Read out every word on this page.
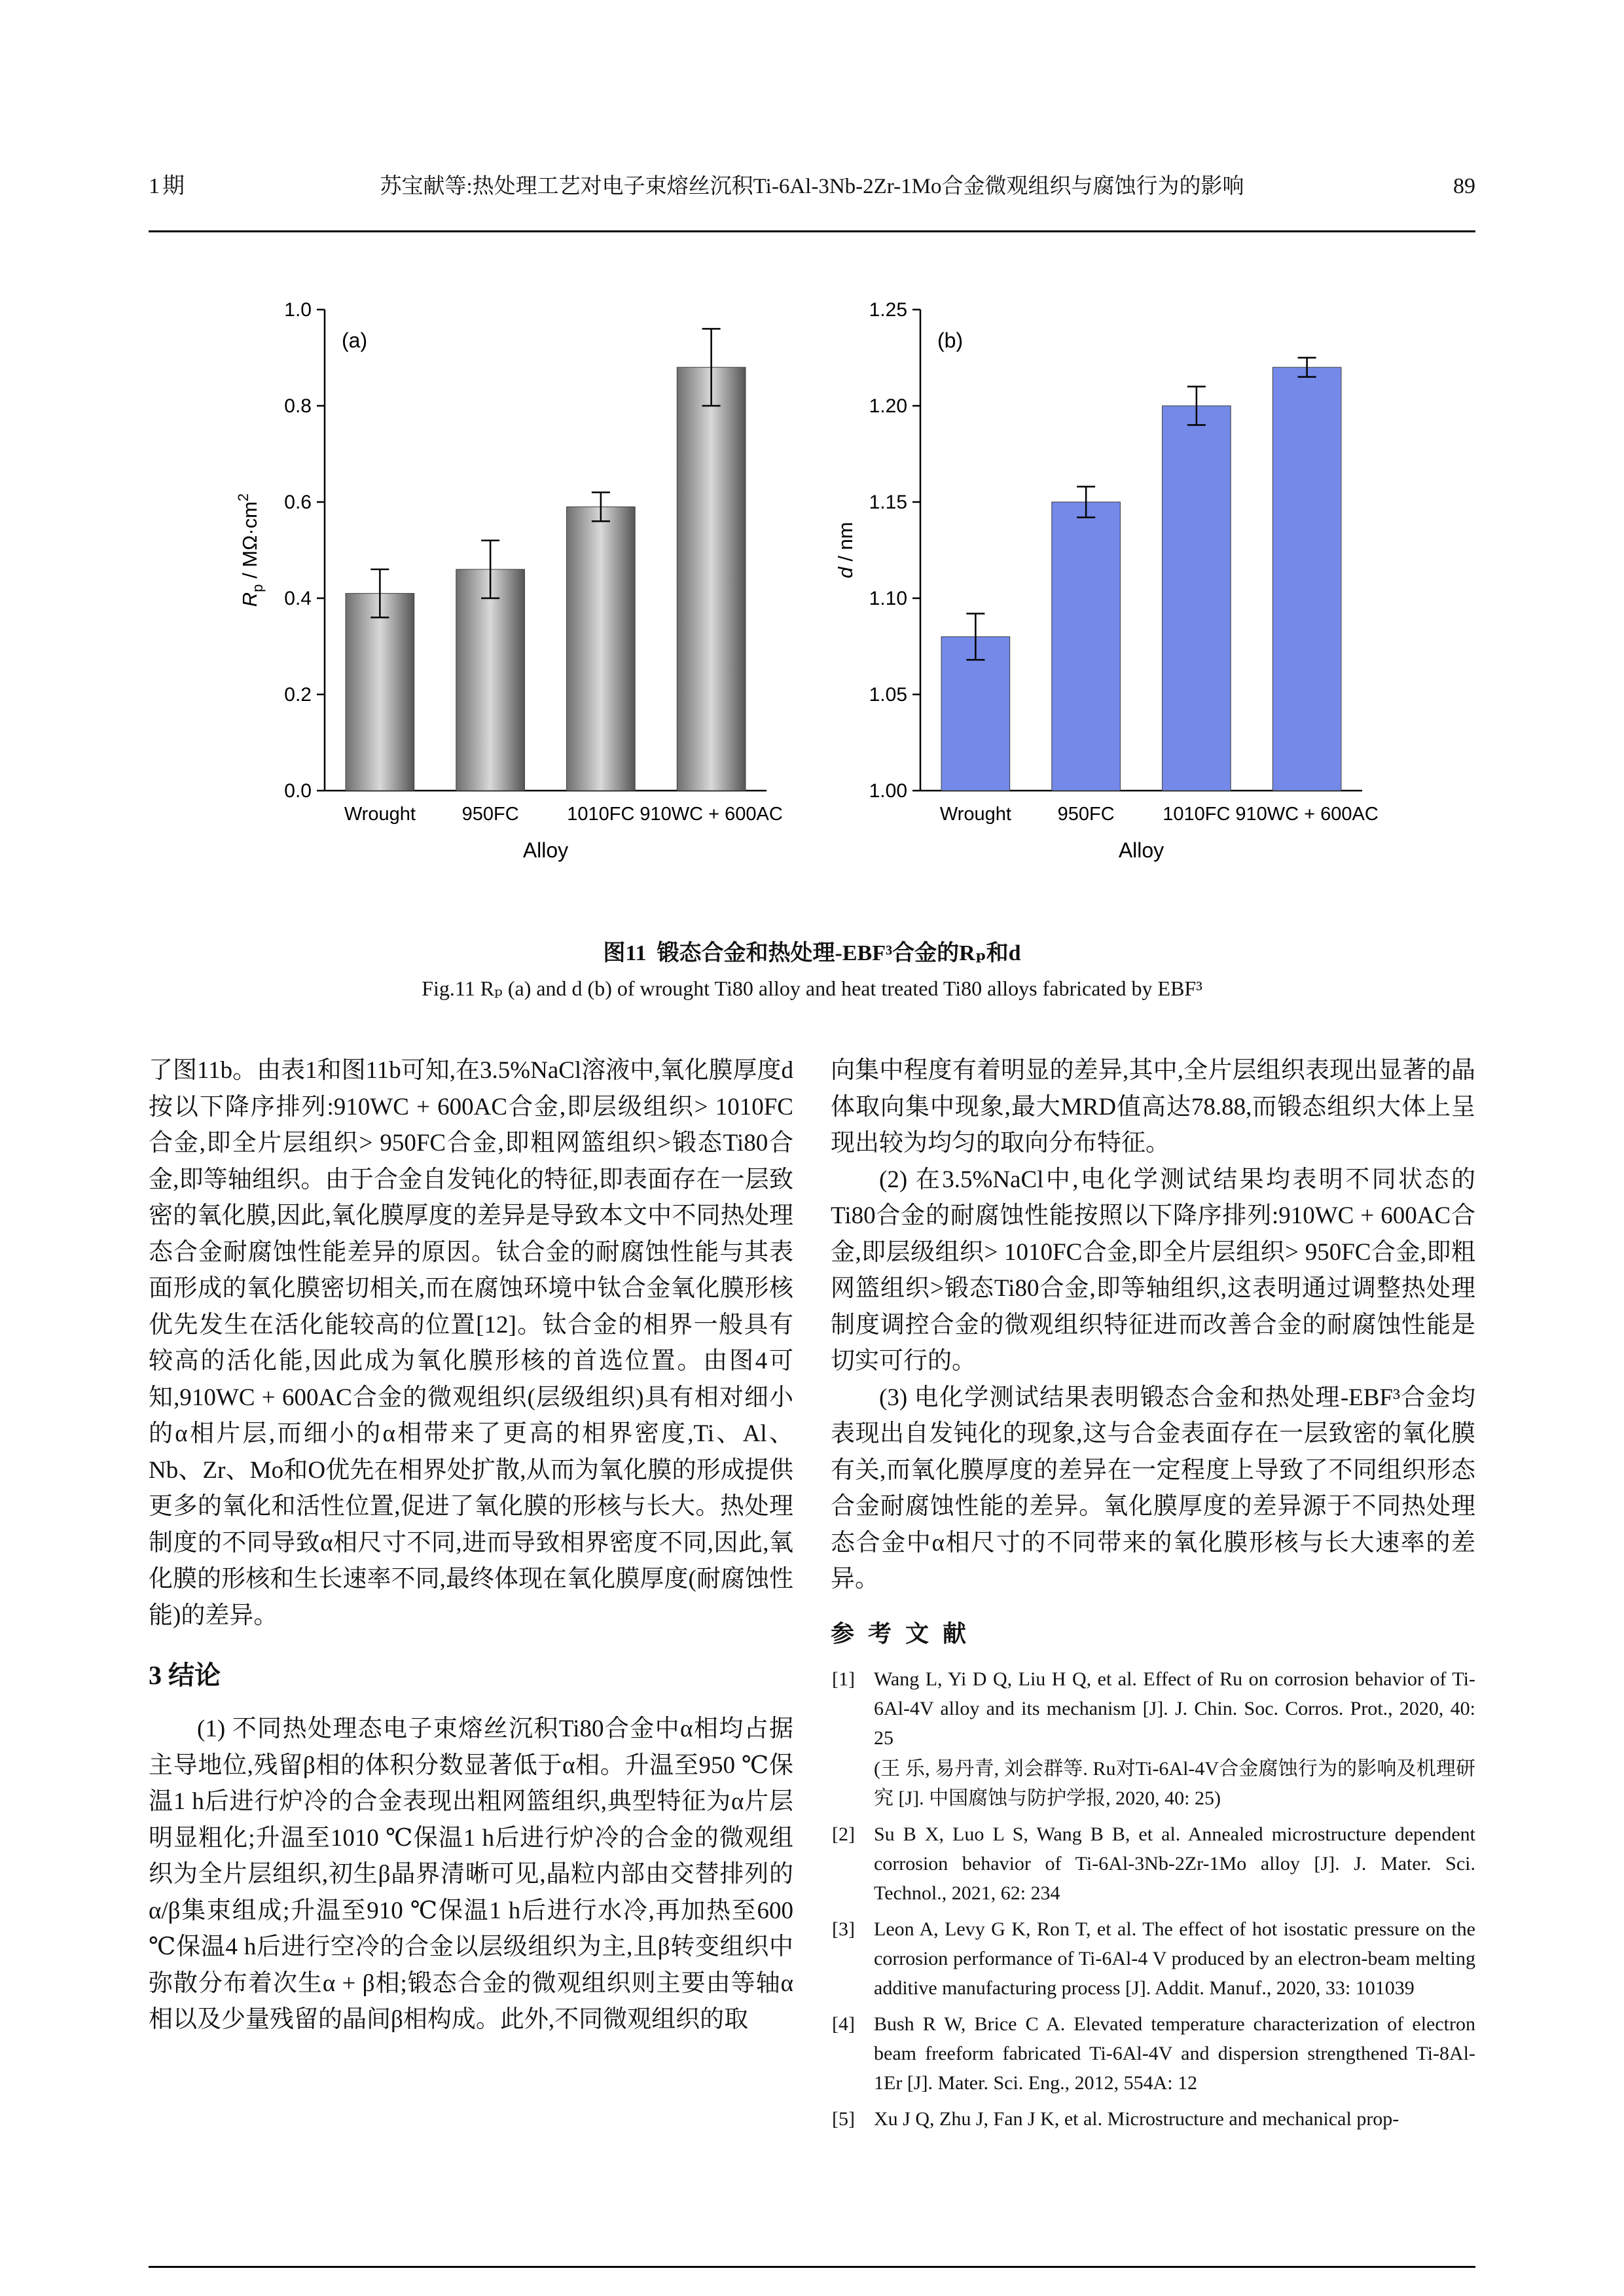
1期	苏宝献等:热处理工艺对电子束熔丝沉积Ti-6Al-3Nb-2Zr-1Mo合金微观组织与腐蚀行为的影响	89
0.0
0.2
0.4
0.6
0.8
1.0
Wrought 950FC	1010FC 910WC + 600AC
Alloy
$R_p / M\Omega\cdot cm^2$
(a)
1.00
1.05
1.10
1.15
1.20
1.25
Wrought 950FC	1010FC 910WC + 600AC
Alloy
d / nm
(b)
图11 锻态合金和热处理-EBF³合金的Rₚ和d
Fig.11 Rₚ (a) and d (b) of wrought Ti80 alloy and heat treated Ti80 alloys fabricated by EBF³

了图11b。由表1和图11b可知,在3.5%NaCl溶液中,氧化膜厚度d按以下降序排列:910WC + 600AC合金,即层级组织> 1010FC合金,即全片层组织> 950FC合金,即粗网篮组织>锻态Ti80合金,即等轴组织。由于合金自发钝化的特征,即表面存在一层致密的氧化膜,因此,氧化膜厚度的差异是导致本文中不同热处理态合金耐腐蚀性能差异的原因。钛合金的耐腐蚀性能与其表面形成的氧化膜密切相关,而在腐蚀环境中钛合金氧化膜形核优先发生在活化能较高的位置[12]。钛合金的相界一般具有较高的活化能,因此成为氧化膜形核的首选位置。由图4可知,910WC + 600AC合金的微观组织(层级组织)具有相对细小的α相片层,而细小的α相带来了更高的相界密度,Ti、Al、Nb、Zr、Mo和O优先在相界处扩散,从而为氧化膜的形成提供更多的氧化和活性位置,促进了氧化膜的形核与长大。热处理制度的不同导致α相尺寸不同,进而导致相界密度不同,因此,氧化膜的形核和生长速率不同,最终体现在氧化膜厚度(耐腐蚀性能)的差异。

3 结论

(1) 不同热处理态电子束熔丝沉积Ti80合金中α相均占据主导地位,残留β相的体积分数显著低于α相。升温至950 ℃保温1 h后进行炉冷的合金表现出粗网篮组织,典型特征为α片层明显粗化;升温至1010 ℃保温1 h后进行炉冷的合金的微观组织为全片层组织,初生β晶界清晰可见,晶粒内部由交替排列的α/β集束组成;升温至910 ℃保温1 h后进行水冷,再加热至600 ℃保温4 h后进行空冷的合金以层级组织为主,且β转变组织中弥散分布着次生α + β相;锻态合金的微观组织则主要由等轴α相以及少量残留的晶间β相构成。此外,不同微观组织的取

向集中程度有着明显的差异,其中,全片层组织表现出显著的晶体取向集中现象,最大MRD值高达78.88,而锻态组织大体上呈现出较为均匀的取向分布特征。

(2) 在3.5%NaCl中,电化学测试结果均表明不同状态的Ti80合金的耐腐蚀性能按照以下降序排列:910WC + 600AC合金,即层级组织> 1010FC合金,即全片层组织> 950FC合金,即粗网篮组织>锻态Ti80合金,即等轴组织,这表明通过调整热处理制度调控合金的微观组织特征进而改善合金的耐腐蚀性能是切实可行的。

(3) 电化学测试结果表明锻态合金和热处理-EBF³合金均表现出自发钝化的现象,这与合金表面存在一层致密的氧化膜有关,而氧化膜厚度的差异在一定程度上导致了不同组织形态合金耐腐蚀性能的差异。氧化膜厚度的差异源于不同热处理态合金中α相尺寸的不同带来的氧化膜形核与长大速率的差异。

参 考 文 献
[1] Wang L, Yi D Q, Liu H Q, et al. Effect of Ru on corrosion behavior of Ti-6Al-4V alloy and its mechanism [J]. J. Chin. Soc. Corros. Prot., 2020, 40: 25
(王 乐, 易丹青, 刘会群等. Ru对Ti-6Al-4V合金腐蚀行为的影响及机理研究 [J]. 中国腐蚀与防护学报, 2020, 40: 25)
[2] Su B X, Luo L S, Wang B B, et al. Annealed microstructure dependent corrosion behavior of Ti-6Al-3Nb-2Zr-1Mo alloy [J]. J. Mater. Sci. Technol., 2021, 62: 234
[3] Leon A, Levy G K, Ron T, et al. The effect of hot isostatic pressure on the corrosion performance of Ti-6Al-4 V produced by an electron-beam melting additive manufacturing process [J]. Addit. Manuf., 2020, 33: 101039
[4] Bush R W, Brice C A. Elevated temperature characterization of electron beam freeform fabricated Ti-6Al-4V and dispersion strengthened Ti-8Al-1Er [J]. Mater. Sci. Eng., 2012, 554A: 12
[5] Xu J Q, Zhu J, Fan J K, et al. Microstructure and mechanical prop-
